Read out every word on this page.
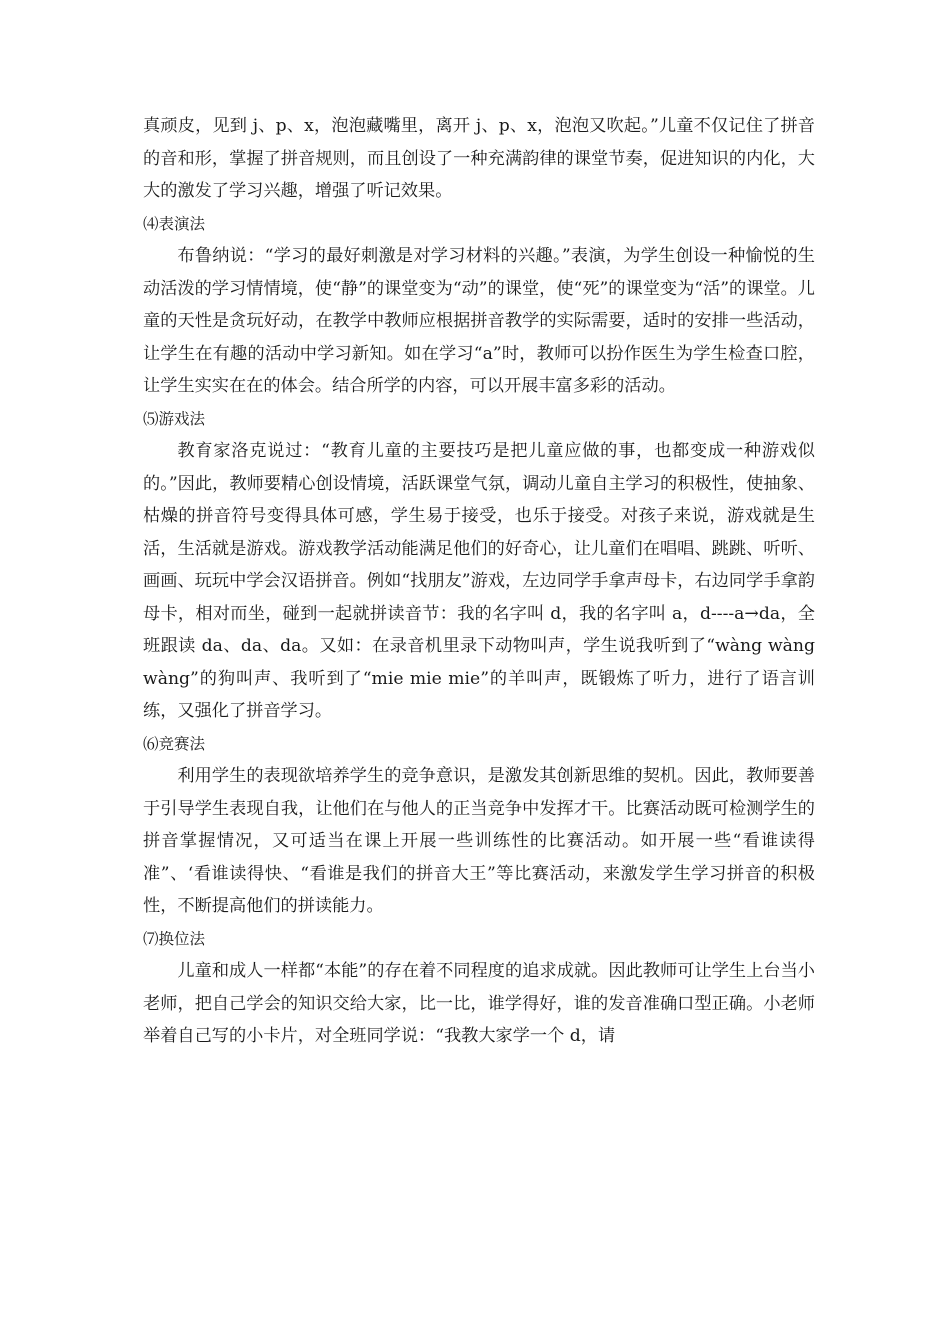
真顽皮，见到 j、p、x，泡泡藏嘴里，离开 j、p、x，泡泡又吹起。”儿童不仅记住了拼音的音和形，掌握了拼音规则，而且创设了一种充满韵律的课堂节奏，促进知识的内化，大大的激发了学习兴趣，增强了听记效果。

⑷表演法

布鲁纳说：“学习的最好刺激是对学习材料的兴趣。”表演，为学生创设一种愉悦的生动活泼的学习情情境，使“静”的课堂变为“动”的课堂，使“死”的课堂变为“活”的课堂。儿童的天性是贪玩好动，在教学中教师应根据拼音教学的实际需要，适时的安排一些活动，让学生在有趣的活动中学习新知。如在学习“a”时，教师可以扮作医生为学生检查口腔，让学生实实在在的体会。结合所学的内容，可以开展丰富多彩的活动。

⑸游戏法

教育家洛克说过：“教育儿童的主要技巧是把儿童应做的事，也都变成一种游戏似的。”因此，教师要精心创设情境，活跃课堂气氛，调动儿童自主学习的积极性，使抽象、枯燥的拼音符号变得具体可感，学生易于接受，也乐于接受。对孩子来说，游戏就是生活，生活就是游戏。游戏教学活动能满足他们的好奇心，让儿童们在唱唱、跳跳、听听、画画、玩玩中学会汉语拼音。例如“找朋友”游戏，左边同学手拿声母卡，右边同学手拿韵母卡，相对而坐，碰到一起就拼读音节：我的名字叫 d，我的名字叫 a，d----a→da，全班跟读 da、da、da。又如：在录音机里录下动物叫声，学生说我听到了“wàng wàng wàng”的狗叫声、我听到了“mie mie mie”的羊叫声，既锻炼了听力，进行了语言训练，又强化了拼音学习。

⑹竞赛法

利用学生的表现欲培养学生的竞争意识，是激发其创新思维的契机。因此，教师要善于引导学生表现自我，让他们在与他人的正当竞争中发挥才干。比赛活动既可检测学生的拼音掌握情况，又可适当在课上开展一些训练性的比赛活动。如开展一些“看谁读得准”、‘看谁读得快、“看谁是我们的拼音大王”等比赛活动，来激发学生学习拼音的积极性，不断提高他们的拼读能力。

⑺换位法

儿童和成人一样都“本能”的存在着不同程度的追求成就。因此教师可让学生上台当小老师，把自己学会的知识交给大家，比一比，谁学得好，谁的发音准确口型正确。小老师举着自己写的小卡片，对全班同学说：“我教大家学一个 d，请
